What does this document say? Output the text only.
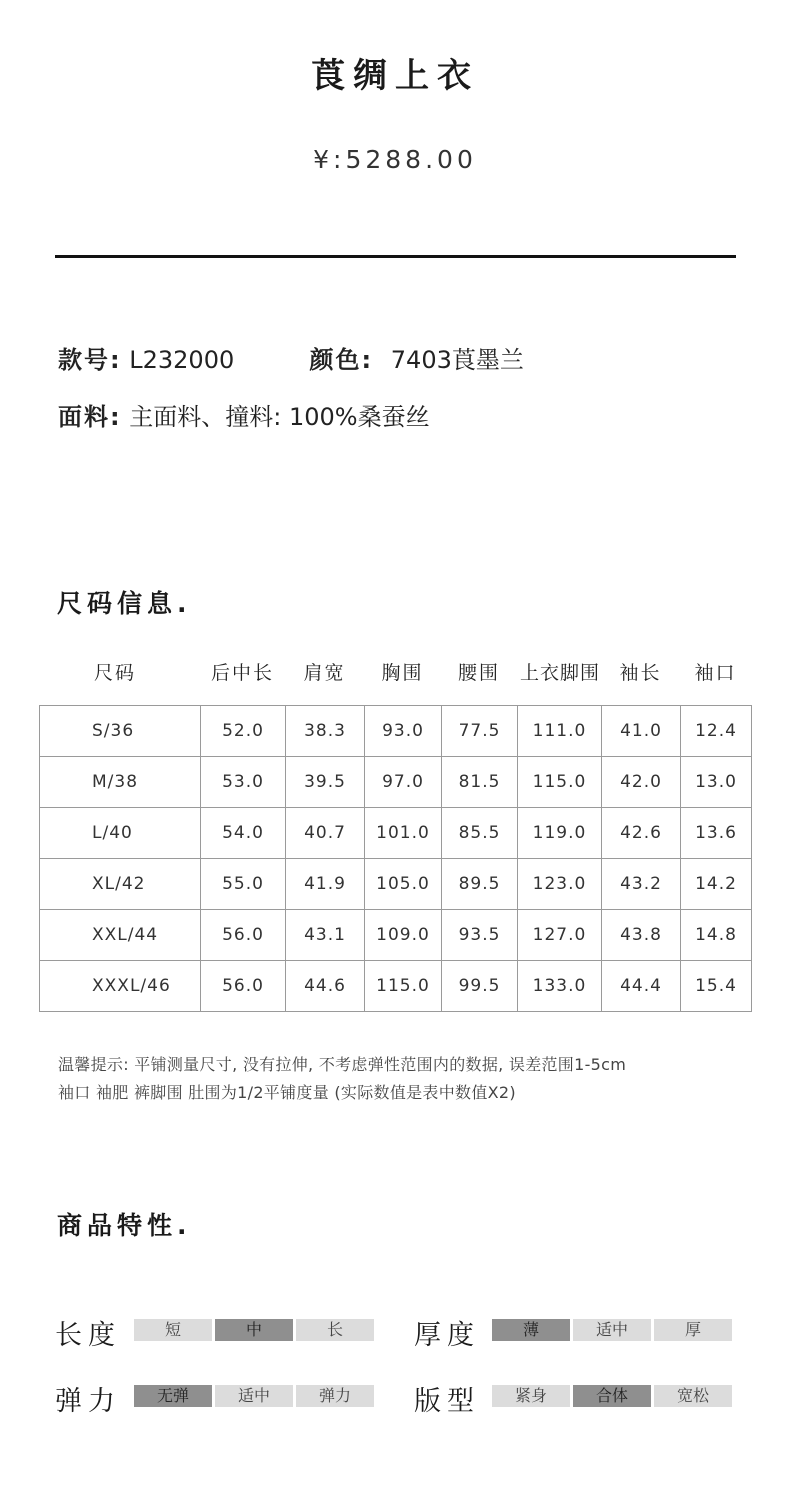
莨绸上衣
¥:5288.00
款号: L232000	颜色: 7403莨墨兰
面料: 主面料、撞料: 100%桑蚕丝
尺码信息.
尺码	后中长	肩宽	胸围	腰围	上衣脚围	袖长	袖口
S/36	52.0	38.3	93.0	77.5	111.0	41.0	12.4
M/38	53.0	39.5	97.0	81.5	115.0	42.0	13.0
L/40	54.0	40.7	101.0	85.5	119.0	42.6	13.6
XL/42	55.0	41.9	105.0	89.5	123.0	43.2	14.2
XXL/44	56.0	43.1	109.0	93.5	127.0	43.8	14.8
XXXL/46	56.0	44.6	115.0	99.5	133.0	44.4	15.4
温馨提示: 平铺测量尺寸, 没有拉伸, 不考虑弹性范围内的数据, 误差范围1-5cm
袖口 袖肥 裤脚围 肚围为1/2平铺度量 (实际数值是表中数值X2)
商品特性.
长度	短	中	长	厚度	薄	适中	厚
弹力	无弹	适中	弹力	版型	紧身	合体	宽松
